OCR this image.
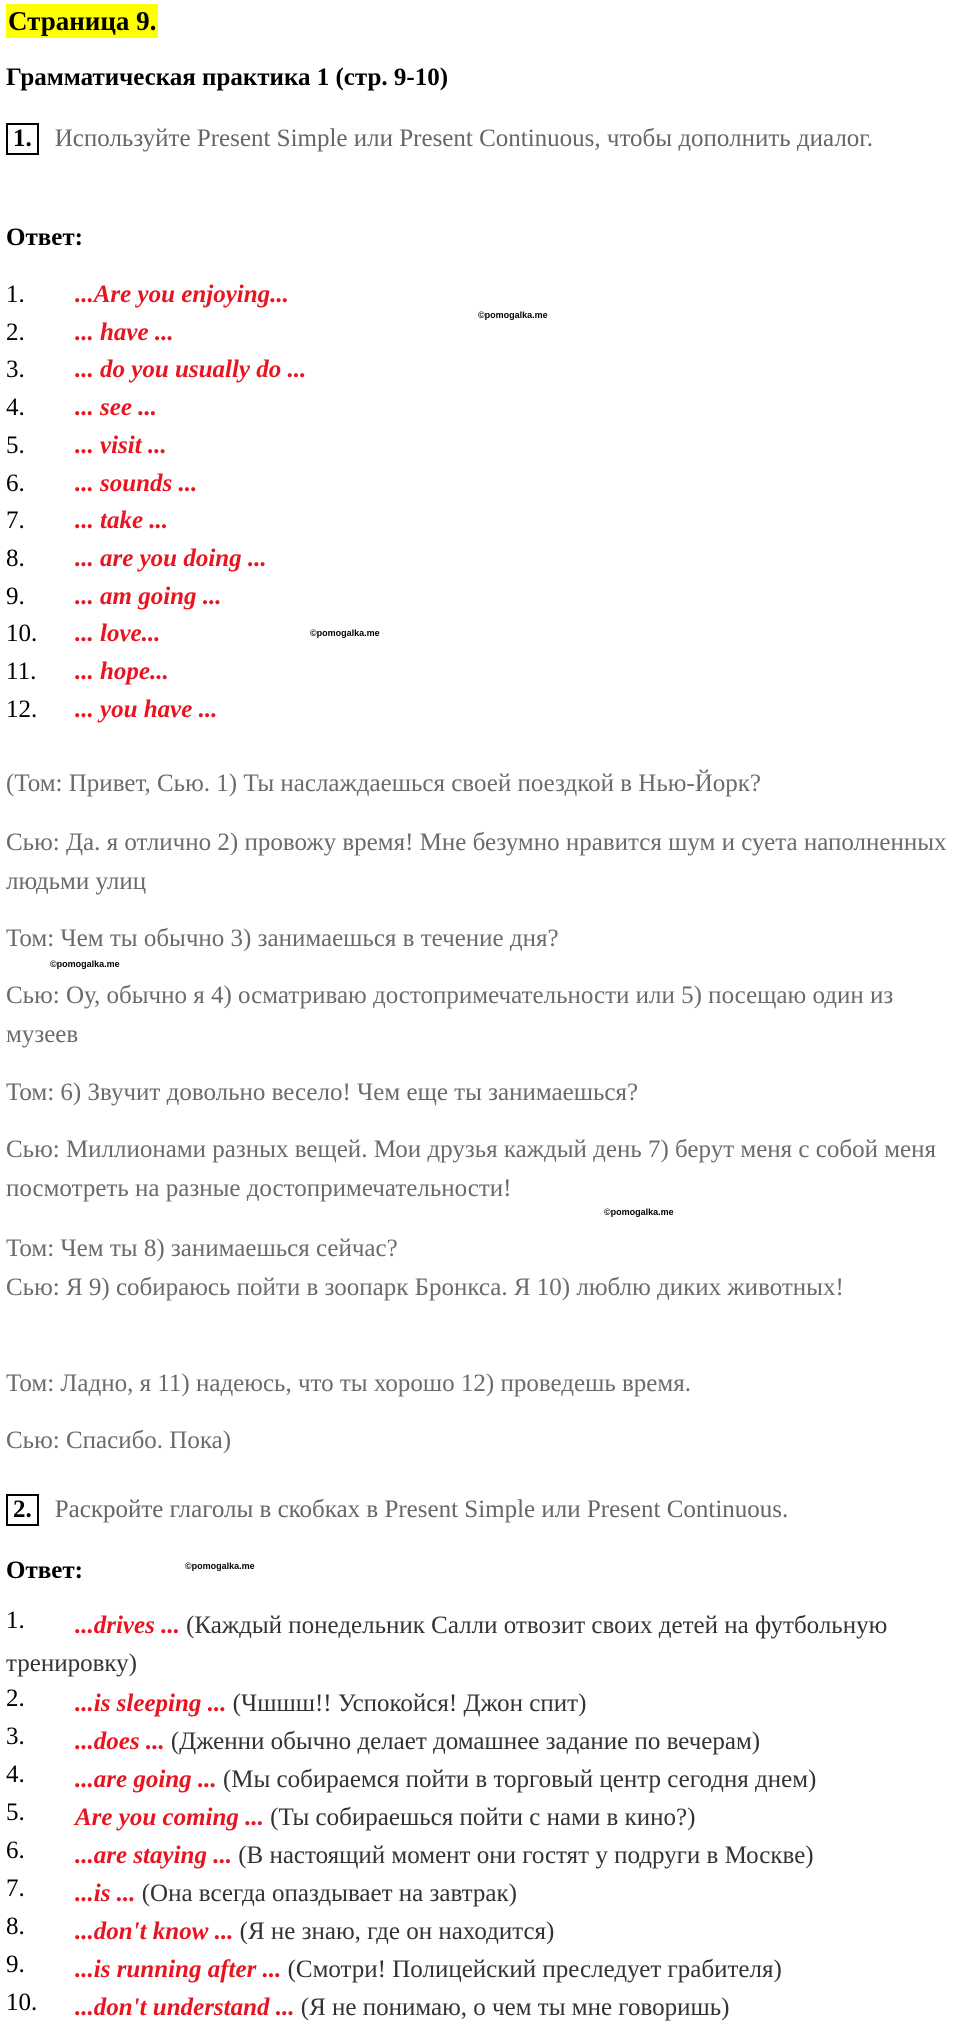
Страница 9.
Грамматическая практика 1 (стр. 9-10)
1. Используйте Present Simple или Present Continuous, чтобы дополнить диалог.
Ответ:
©pomogalka.me
©pomogalka.me
©pomogalka.me
©pomogalka.me
2. Раскройте глаголы в скобках в Present Simple или Present Continuous.
Ответ:	©pomogalka.me
1. ...Are you enjoying...
2. ... have ...
3. ... do you usually do ...
4. ... see ...
5. ... visit ...
6. ... sounds ...
7. ... take ...
8. ... are you doing ...
9. ... am going ...
10. ... love...
11. ... hope...
12. ... you have ...
(Том: Привет, Сью. 1) Ты наслаждаешься своей поездкой в Нью-Йорк?
Сью: Да. я отлично 2) провожу время! Мне безумно нравится шум и суета наполненных людьми улиц
Том: Чем ты обычно 3) занимаешься в течение дня?
Сью: Оу, обычно я 4) осматриваю достопримечательности или 5) посещаю один из музеев
Том: 6) Звучит довольно весело! Чем еще ты занимаешься?
Сью: Миллионами разных вещей. Мои друзья каждый день 7) берут меня с собой меня посмотреть на разные достопримечательности!
Том: Чем ты 8) занимаешься сейчас?
Сью: Я 9) собираюсь пойти в зоопарк Бронкса. Я 10) люблю диких животных!
Том: Ладно, я 11) надеюсь, что ты хорошо 12) проведешь время.
Сью: Спасибо. Пока)
1.	...drives ... (Каждый понедельник Салли отвозит своих детей на футбольную тренировку)
2.	...is sleeping ... (Чшшш!! Успокойся! Джон спит)
3.	...does ... (Дженни обычно делает домашнее задание по вечерам)
4.	...are going ... (Мы собираемся пойти в торговый центр сегодня днем)
5.	Are you coming ... (Ты собираешься пойти с нами в кино?)
6.	...are staying ... (В настоящий момент они гостят у подруги в Москве)
7.	...is ... (Она всегда опаздывает на завтрак)
8.	...don't know ... (Я не знаю, где он находится)
9.	...is running after ... (Смотри! Полицейский преследует грабителя)
10.	...don't understand ... (Я не понимаю, о чем ты мне говоришь)
